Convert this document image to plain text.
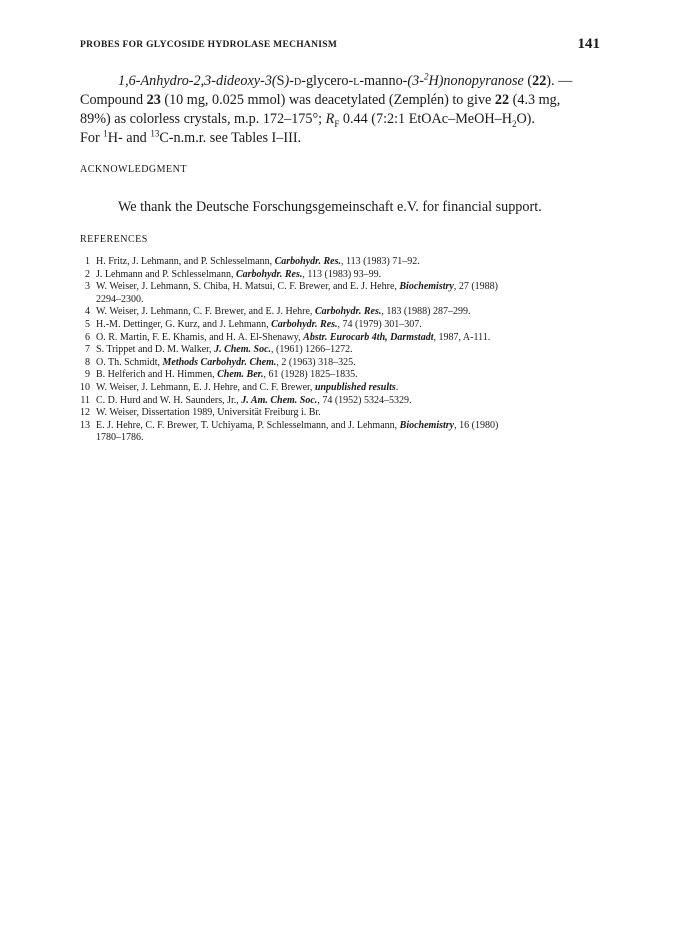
PROBES FOR GLYCOSIDE HYDROLASE MECHANISM	141
1,6-Anhydro-2,3-dideoxy-3(S)-d-glycero-l-manno-(3-$^2$H)nonopyranose (22). —
Compound 23 (10 mg, 0.025 mmol) was deacetylated (Zemplén) to give 22 (4.3 mg,
89%) as colorless crystals, m.p. 172–175°; $R_F$ 0.44 (7:2:1 EtOAc–$MeOH-H_2O$).
For $^1$H- and $^{13}$C-n.m.r. see Tables I–III.
ACKNOWLEDGMENT
We thank the Deutsche Forschungsgemeinschaft e.V. for financial support.
REFERENCES
1 H. Fritz, J. Lehmann, and P. Schlesselmann, Carbohydr. Res., 113 (1983) 71–92.
2 J. Lehmann and P. Schlesselmann, Carbohydr. Res., 113 (1983) 93–99.
3 W. Weiser, J. Lehmann, S. Chiba, H. Matsui, C. F. Brewer, and E. J. Hehre, Biochemistry, 27 (1988)
2294–2300.
4 W. Weiser, J. Lehmann, C. F. Brewer, and E. J. Hehre, Carbohydr. Res., 183 (1988) 287–299.
5 H.-M. Dettinger, G. Kurz, and J. Lehmann, Carbohydr. Res., 74 (1979) 301–307.
6 O. R. Martin, F. E. Khamis, and H. A. El-Shenawy, Abstr. Eurocarb 4th, Darmstadt, 1987, A-111.
7 S. Trippet and D. M. Walker, J. Chem. Soc., (1961) 1266–1272.
8 O. Th. Schmidt, Methods Carbohydr. Chem., 2 (1963) 318–325.
9 B. Helferich and H. Himmen, Chem. Ber., 61 (1928) 1825–1835.
10 W. Weiser, J. Lehmann, E. J. Hehre, and C. F. Brewer, unpublished results.
11 C. D. Hurd and W. H. Saunders, Jr., J. Am. Chem. Soc., 74 (1952) 5324–5329.
12 W. Weiser, Dissertation 1989, Universität Freiburg i. Br.
13 E. J. Hehre, C. F. Brewer, T. Uchiyama, P. Schlesselmann, and J. Lehmann, Biochemistry, 16 (1980)
1780–1786.
